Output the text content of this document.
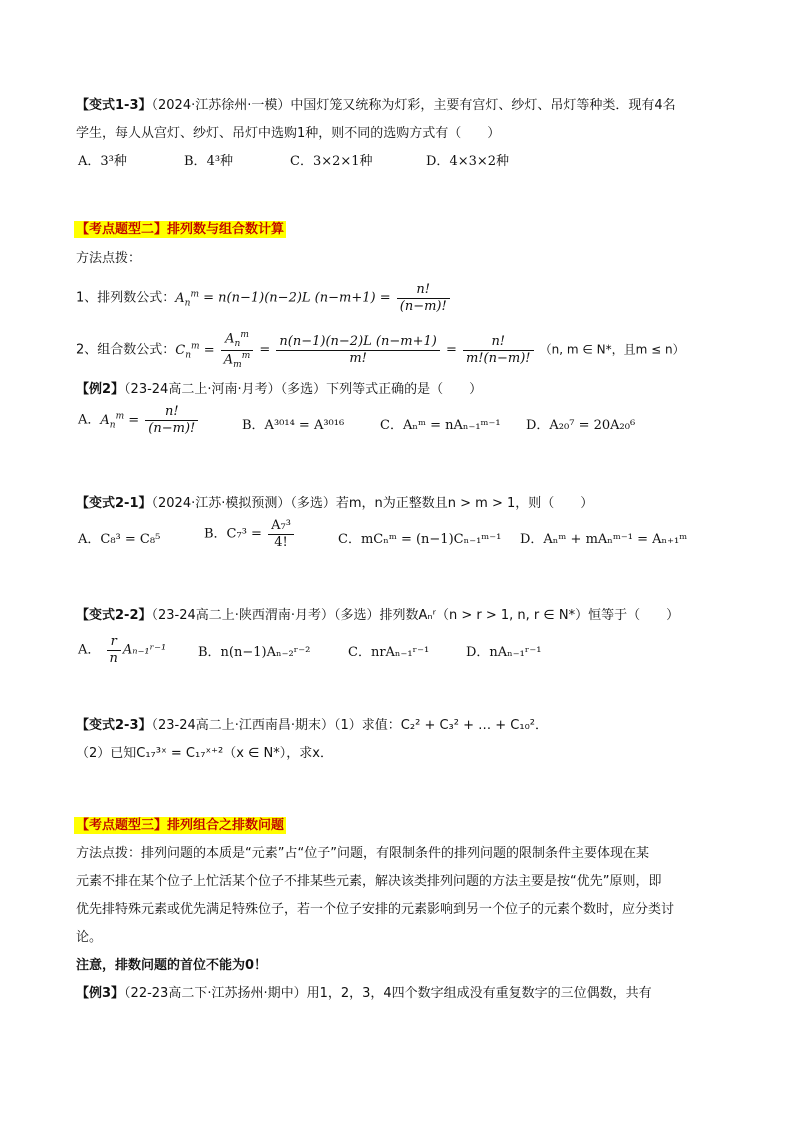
【变式1-3】（2024·江苏徐州·一模）中国灯笼又统称为灯彩，主要有宫灯、纱灯、吊灯等种类．现有4名
学生，每人从宫灯、纱灯、吊灯中选购1种，则不同的选购方式有（　　）
A．3³种	B．4³种	C．3×2×1种	D．4×3×2种
【考点题型二】排列数与组合数计算
方法点拨：
1、排列数公式：$A_n^m = n(n-1)(n-2)L$ $(n-m+1) = \frac{n!}{(n-m)!}$
2、组合数公式：$C_n^m = \frac{A_n^m}{A_m^m} = \frac{n(n-1)(n-2)L (n-m+1)}{m!} = \frac{n!}{m!(n-m)!} (n$, m ∈ N*，且m ≤ n）
【例2】（23-24高二上·河南·月考）（多选）下列等式正确的是（　　）
A．$A_n^m = \frac{n!}{(n-m)!}$	B．A³⁰¹⁴ = A³⁰¹⁶	C．Aₙᵐ = nAₙ₋₁ᵐ⁻¹ D．A₂₀⁷ = 20A₂₀⁶
【变式2-1】（2024·江苏·模拟预测）（多选）若m，n为正整数且n > m > 1，则（　　）
A．C₈³ = C₈⁵	B．$C_7^3 = \frac{\text{A₇³}}{4!}$	C．mCₙᵐ = (n−1)Cₙ₋₁ᵐ⁻¹ D．Aₙᵐ + mAₙᵐ⁻¹ = Aₙ₊₁ᵐ
【变式2-2】（23-24高二上·陕西渭南·月考）（多选）排列数Aₙʳ（n > r > 1, n, r ∈ N*）恒等于（　　）
A． $\frac{r}{n}$ Aₙ₋₁ʳ⁻¹ B．n(n−1)Aₙ₋₂ʳ⁻²	C．nrAₙ₋₁ʳ⁻¹	D．nAₙ₋₁ʳ⁻¹
【变式2-3】（23-24高二上·江西南昌·期末）（1）求值：C₂² + C₃² + … + C₁₀²．
（2）已知C₁₇³ˣ = C₁₇ˣ⁺²（x ∈ N*），求x．
【考点题型三】排列组合之排数问题
方法点拨：排列问题的本质是“元素”占“位子”问题，有限制条件的排列问题的限制条件主要体现在某
元素不排在某个位子上忙活某个位子不排某些元素，解决该类排列问题的方法主要是按“优先”原则，即
优先排特殊元素或优先满足特殊位子，若一个位子安排的元素影响到另一个位子的元素个数时，应分类讨
论。
注意，排数问题的首位不能为0！
【例3】（22-23高二下·江苏扬州·期中）用1，2，3，4四个数字组成没有重复数字的三位偶数，共有
